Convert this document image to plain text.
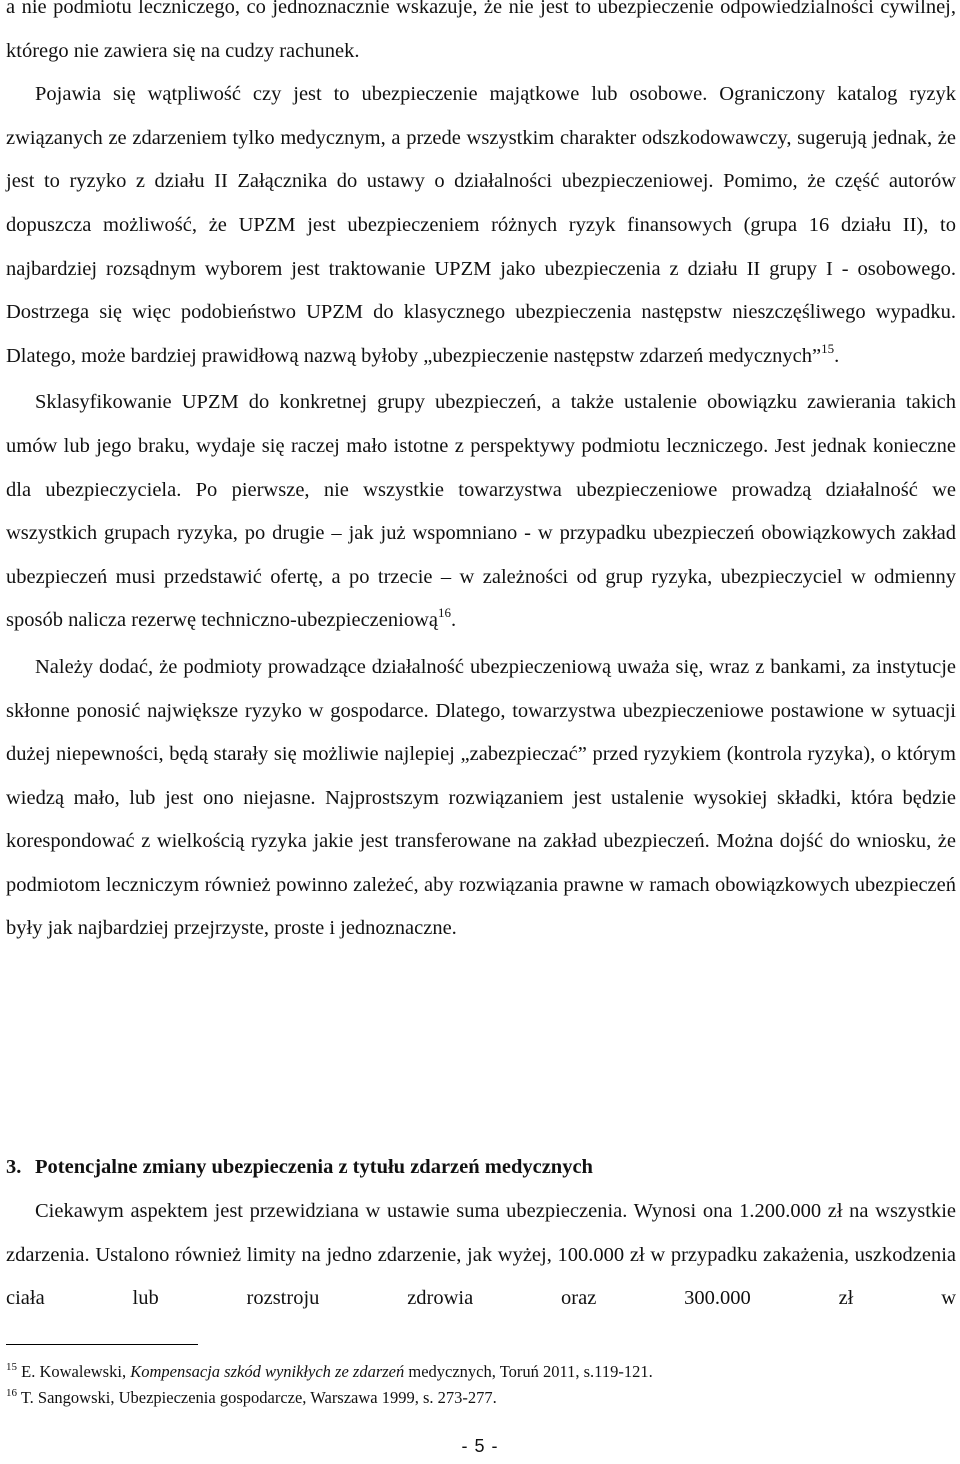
a nie podmiotu leczniczego, co jednoznacznie wskazuje, że nie jest to ubezpieczenie odpowiedzialności cywilnej, którego nie zawiera się na cudzy rachunek.

Pojawia się wątpliwość czy jest to ubezpieczenie majątkowe lub osobowe. Ograniczony katalog ryzyk związanych ze zdarzeniem tylko medycznym, a przede wszystkim charakter odszkodowawczy, sugerują jednak, że jest to ryzyko z działu II Załącznika do ustawy o działalności ubezpieczeniowej. Pomimo, że część autorów dopuszcza możliwość, że UPZM jest ubezpieczeniem różnych ryzyk finansowych (grupa 16 działu II), to najbardziej rozsądnym wyborem jest traktowanie UPZM jako ubezpieczenia z działu II grupy I - osobowego. Dostrzega się więc podobieństwo UPZM do klasycznego ubezpieczenia następstw nieszczęśliwego wypadku. Dlatego, może bardziej prawidłową nazwą byłoby „ubezpieczenie następstw zdarzeń medycznych”$^{15}$.

Sklasyfikowanie UPZM do konkretnej grupy ubezpieczeń, a także ustalenie obowiązku zawierania takich umów lub jego braku, wydaje się raczej mało istotne z perspektywy podmiotu leczniczego. Jest jednak konieczne dla ubezpieczyciela. Po pierwsze, nie wszystkie towarzystwa ubezpieczeniowe prowadzą działalność we wszystkich grupach ryzyka, po drugie – jak już wspomniano - w przypadku ubezpieczeń obowiązkowych zakład ubezpieczeń musi przedstawić ofertę, a po trzecie – w zależności od grup ryzyka, ubezpieczyciel w odmienny sposób nalicza rezerwę techniczno-ubezpieczeniową$^{16}$.

Należy dodać, że podmioty prowadzące działalność ubezpieczeniową uważa się, wraz z bankami, za instytucje skłonne ponosić największe ryzyko w gospodarce. Dlatego, towarzystwa ubezpieczeniowe postawione w sytuacji dużej niepewności, będą starały się możliwie najlepiej „zabezpieczać” przed ryzykiem (kontrola ryzyka), o którym wiedzą mało, lub jest ono niejasne. Najprostszym rozwiązaniem jest ustalenie wysokiej składki, która będzie korespondować z wielkością ryzyka jakie jest transferowane na zakład ubezpieczeń. Można dojść do wniosku, że podmiotom leczniczym również powinno zależeć, aby rozwiązania prawne w ramach obowiązkowych ubezpieczeń były jak najbardziej przejrzyste, proste i jednoznaczne.

3. Potencjalne zmiany ubezpieczenia z tytułu zdarzeń medycznych

Ciekawym aspektem jest przewidziana w ustawie suma ubezpieczenia. Wynosi ona 1.200.000 zł na wszystkie zdarzenia. Ustalono również limity na jedno zdarzenie, jak wyżej, 100.000 zł w przypadku zakażenia, uszkodzenia ciała lub rozstroju zdrowia oraz 300.000 zł w

$^{15}$ E. Kowalewski, Kompensacja szkód wynikłych ze zdarzeń medycznych, Toruń 2011, s.119-121.
$^{16}$ T. Sangowski, Ubezpieczenia gospodarcze, Warszawa 1999, s. 273-277.
- 5 -
